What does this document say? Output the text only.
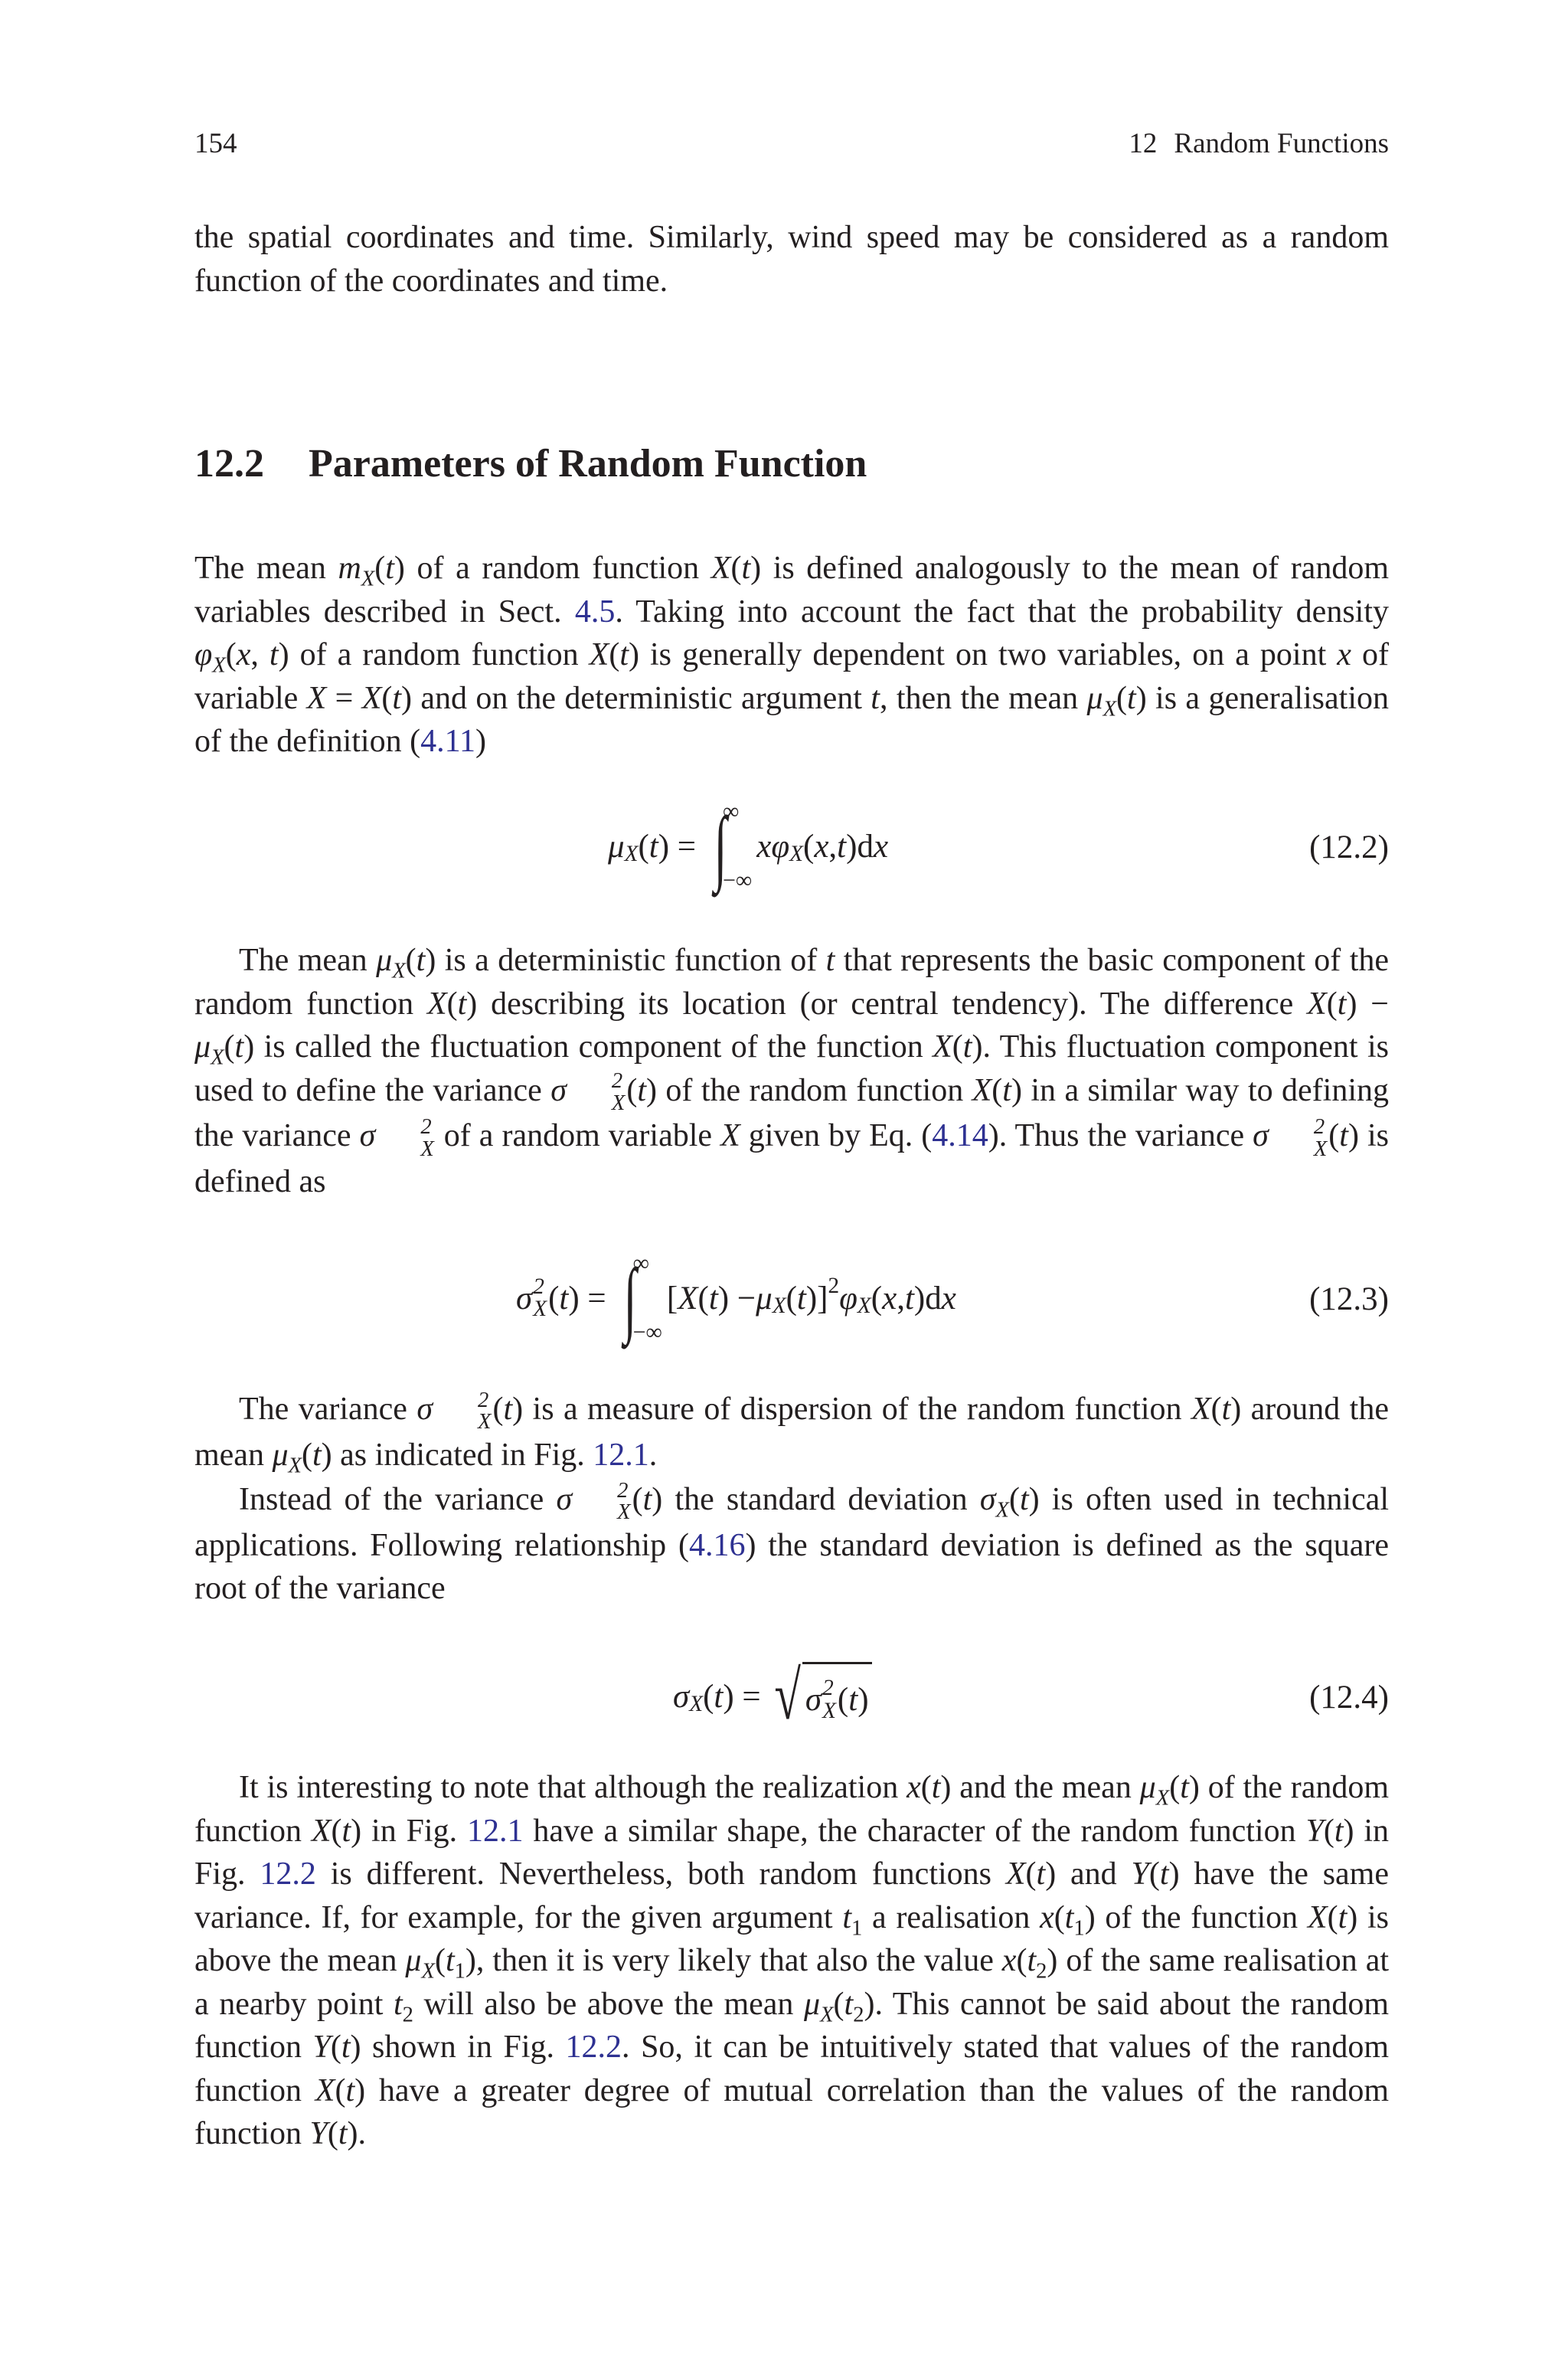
154	12 Random Functions

the spatial coordinates and time. Similarly, wind speed may be considered as a random function of the coordinates and time.

12.2 Parameters of Random Function

The mean $m_X(t)$ of a random function X(t) is defined analogously to the mean of random variables described in Sect. 4.5. Taking into account the fact that the probability density $\varphi_X(x$, t) of a random function X(t) is generally dependent on two variables, on a point x of variable X = X(t) and on the deterministic argument t, then the mean $\mu_X(t)$ is a generalisation of the definition (4.11)

μ $_X$ ( t ) = ∫
∞
−∞
xφ $_X$ ( x , t )d x	(12.2)

The mean $\mu_X(t)$ is a deterministic function of t that represents the basic component of the random function X(t) describing its location (or central tendency). The difference $X(t) - \mu_X(t)$ is called the fluctuation component of the function X(t). This fluctuation component is used to define the variance σ	2
X (t) of the random function X(t) in a similar way to defining the variance σ	2
X of a random variable X given by Eq. (4.14). Thus the variance σ	2
X (t) is defined as

σ 2
X ( t ) = ∫
∞
−∞
[ X ( t ) − μ $_X$ ( t )]$^2$ φ $_X$ ( x , t )d x	(12.3)

The variance σ	2
X (t) is a measure of dispersion of the random function X(t) around the mean $\mu_X(t)$ as indicated in Fig. 12.1.

Instead of the variance σ	2
X (t) the standard deviation $\sigma_X(t)$ is often used in technical applications. Following relationship (4.16) the standard deviation is defined as the square root of the variance

σ $_X$ ( t ) = √ σ 2
X ( t )	(12.4)

It is interesting to note that although the realization x(t) and the mean $\mu_X(t)$ of the random function X(t) in Fig. 12.1 have a similar shape, the character of the random function Y(t) in Fig. 12.2 is different. Nevertheless, both random functions X(t) and Y(t) have the same variance. If, for example, for the given argument $t_1$ a realisation $x(t_1)$ of the function X(t) is above the mean $\mu_X(t_1)$, then it is very likely that also the value $x(t_2)$ of the same realisation at a nearby point $t_2$ will also be above the mean $\mu_X(t_2)$. This cannot be said about the random function Y(t) shown in Fig. 12.2. So, it can be intuitively stated that values of the random function X(t) have a greater degree of mutual correlation than the values of the random function Y(t).
